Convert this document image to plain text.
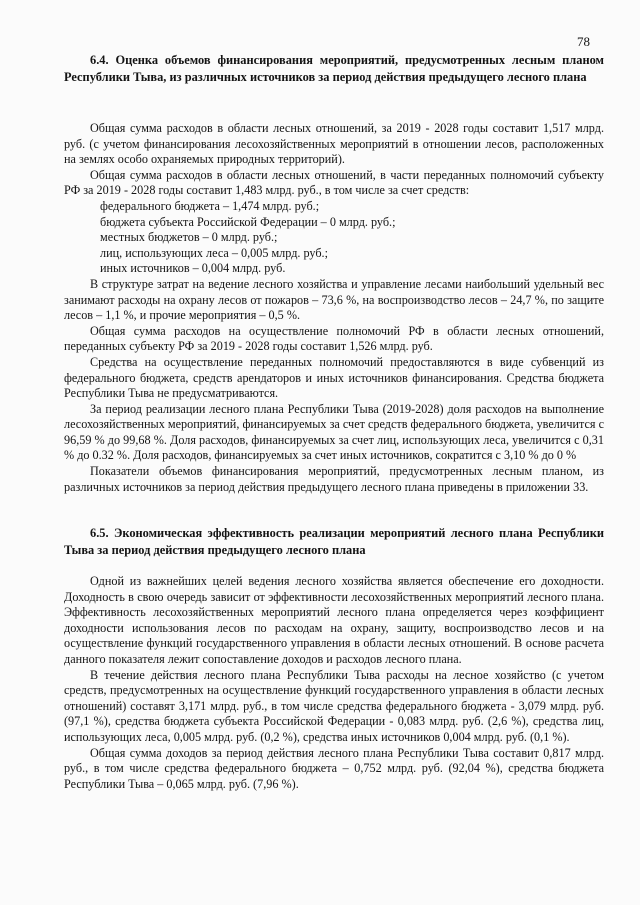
78

6.4. Оценка объемов финансирования мероприятий, предусмотренных лесным планом Республики Тыва, из различных источников за период действия предыдущего лесного плана

Общая сумма расходов в области лесных отношений, за 2019 - 2028 годы составит 1,517 млрд. руб. (с учетом финансирования лесохозяйственных мероприятий в отношении лесов, расположенных на землях особо охраняемых природных территорий).

Общая сумма расходов в области лесных отношений, в части переданных полномочий субъекту РФ за 2019 - 2028 годы составит 1,483 млрд. руб., в том числе за счет средств:

федерального бюджета – 1,474 млрд. руб.;

бюджета субъекта Российской Федерации – 0 млрд. руб.;

местных бюджетов – 0 млрд. руб.;

лиц, использующих леса – 0,005 млрд. руб.;

иных источников – 0,004 млрд. руб.

В структуре затрат на ведение лесного хозяйства и управление лесами наибольший удельный вес занимают расходы на охрану лесов от пожаров – 73,6 %, на воспроизводство лесов – 24,7 %, по защите лесов – 1,1 %, и прочие мероприятия – 0,5 %.

Общая сумма расходов на осуществление полномочий РФ в области лесных отношений, переданных субъекту РФ за 2019 - 2028 годы составит 1,526 млрд. руб.

Средства на осуществление переданных полномочий предоставляются в виде субвенций из федерального бюджета, средств арендаторов и иных источников финансирования. Средства бюджета Республики Тыва не предусматриваются.

За период реализации лесного плана Республики Тыва (2019-2028) доля расходов на выполнение лесохозяйственных мероприятий, финансируемых за счет средств федерального бюджета, увеличится с 96,59 % до 99,68 %. Доля расходов, финансируемых за счет лиц, использующих леса, увеличится с 0,31 % до 0.32 %. Доля расходов, финансируемых за счет иных источников, сократится с 3,10 % до 0 %

Показатели объемов финансирования мероприятий, предусмотренных лесным планом, из различных источников за период действия предыдущего лесного плана приведены в приложении 33.

6.5. Экономическая эффективность реализации мероприятий лесного плана Республики Тыва за период действия предыдущего лесного плана

Одной из важнейших целей ведения лесного хозяйства является обеспечение его доходности. Доходность в свою очередь зависит от эффективности лесохозяйственных мероприятий лесного плана. Эффективность лесохозяйственных мероприятий лесного плана определяется через коэффициент доходности использования лесов по расходам на охрану, защиту, воспроизводство лесов и на осуществление функций государственного управления в области лесных отношений. В основе расчета данного показателя лежит сопоставление доходов и расходов лесного плана.

В течение действия лесного плана Республики Тыва расходы на лесное хозяйство (с учетом средств, предусмотренных на осуществление функций государственного управления в области лесных отношений) составят 3,171 млрд. руб., в том числе средства федерального бюджета - 3,079 млрд. руб. (97,1 %), средства бюджета субъекта Российской Федерации - 0,083 млрд. руб. (2,6 %), средства лиц, использующих леса, 0,005 млрд. руб. (0,2 %), средства иных источников 0,004 млрд. руб. (0,1 %).

Общая сумма доходов за период действия лесного плана Республики Тыва составит 0,817 млрд. руб., в том числе средства федерального бюджета – 0,752 млрд. руб. (92,04 %), средства бюджета Республики Тыва – 0,065 млрд. руб. (7,96 %).
